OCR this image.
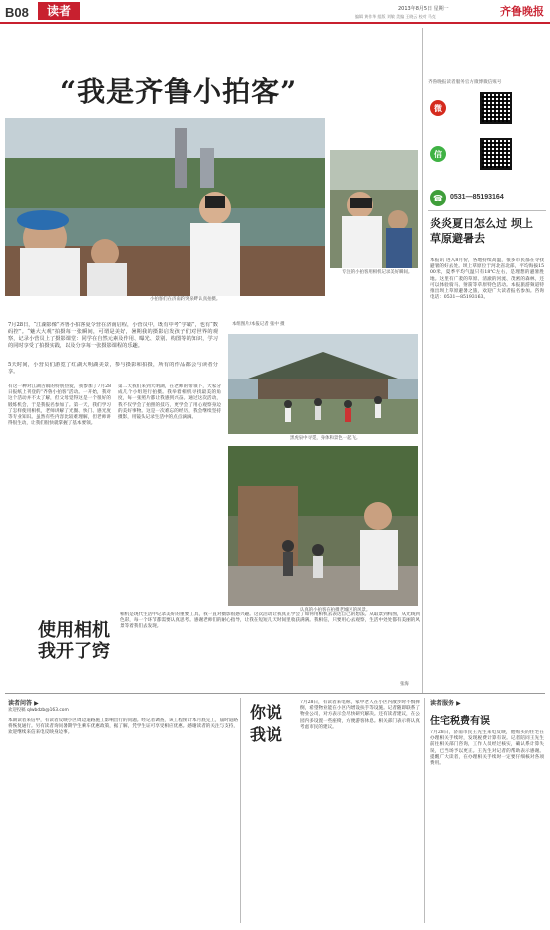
B08	读者	2013年8月5日 星期一
编辑 黄作华 组版 刘敏 美编 王晓云 校对 马克	齐鲁晚报
“我是齐鲁小拍客”
小拍客们在济南趵突泉畔认真拍摄。
专注的小拍客用相机记录美好瞬间。
7月28日，“江湖影像”齐鲁小拍客夏令营在济南启程，小营员中，既有中考“学霸”，也有“数码控”。“魅大大观”拍摄每一张瞬间，可谓是美好，暑期我的摄影启发孩子们对世界的观察，记录小营员上了摄影课堂：同学在自然元素及作用、曝光、景别、构图等的知识，学习的同时享受了拍摄实践，以及分享每一张摄影课程的乐趣。
5天时间，小营员们游览了红湖大明湖美景，参与摄影和拍摄，所有的作品都会与读者分享。
本组图片/本报记者 张中 摄
有这一种对江湖古镇的特别热爱，我参加了7月28日报纸上刊登的“齐鲁小拍客”活动。一开始，我对这个活动并不太了解，但父母觉得这是一个很好的锻炼机会，于是我报名参加了。第一天，我们学习了怎样使用相机，老师讲解了光圈、快门、感光度等专业知识。虽然有些内容比较难理解，但老师讲得很生动，让我们很快就掌握了基本要领。
第二天我们来到大明湖，在老师的带领下，大家分成几个小组进行拍摄。我举着相机寻找最美的角度，每一张照片都让我感到兴奋。通过这次活动，我不仅学会了拍照的技巧，更学会了用心观察身边的美好事物。这是一次难忘的经历，我会继续坚持摄影，用镜头记录生活中的点点滴滴。
黑虎泉中寻觅，身体和景色一起飞。
认真的小拍客在拍摄老城区的风景。
使用相机 我开了窍
相机是现代生活中记录美好的重要工具，我一直对摄影很感兴趣。这次活动让我真正学会了如何用相机去表达自己的想法。从取景到构图，从光线到色彩，每一个环节都需要认真思考。感谢老师们的耐心指导，让我在短短几天时间里收获满满。我相信，只要用心去观察，生活中处处都有美丽的风景等着我们去发现。
张海
齐鲁晚报读者服务官方微博微信账号
微
信
☎	0531—85193164
炎炎夏日怎么过 坝上草原避暑去
本报讯 进入8月份，各地持续高温，很多市民都在寻找避暑的好去处。坝上草原位于河北省北部，平均海拔1500米，夏季平均气温只有18℃左右，是理想的避暑胜地。这里有广袤的草原、清澈的河流、茂密的森林，还可以体验骑马、射箭等草原特色活动。本报旅游频道特推出坝上草原避暑之旅，欢迎广大读者报名参加。咨询电话：0531—85193163。
读者问答 ▶
欢迎投稿 qlwbdzb@163.com
本期读者来信中，有读者反映小区周边道路施工影响出行的问题。经记者调查，该工程预计本月底完工，届时道路将恢复通行。另有读者询问暑期学生乘车优惠政策，据了解，凭学生证可享受相应优惠。感谢读者的关注与支持，欢迎继续来信来电反映身边事。
你说 我说
7月28日，有读者来电称，家中老人在小区内散步时不慎摔倒，希望物业能在小区内增设扶手等设施。记者随即联系了物业公司，对方表示会尽快研究解决。还有读者建议，在公园内多设置一些座椅，方便游客休息。相关部门表示将认真考虑市民的建议。
读者服务 ▶
住宅税费有误
7月28日，济南市民王先生来电反映，他购买的住宅在办理相关手续时，发现税费计算有误。记者陪同王先生前往相关部门咨询，工作人员经过核实，确认系计算失误，已当场予以更正。王先生对记者的帮助表示感谢。提醒广大读者，在办理相关手续时一定要仔细核对各项费用。
